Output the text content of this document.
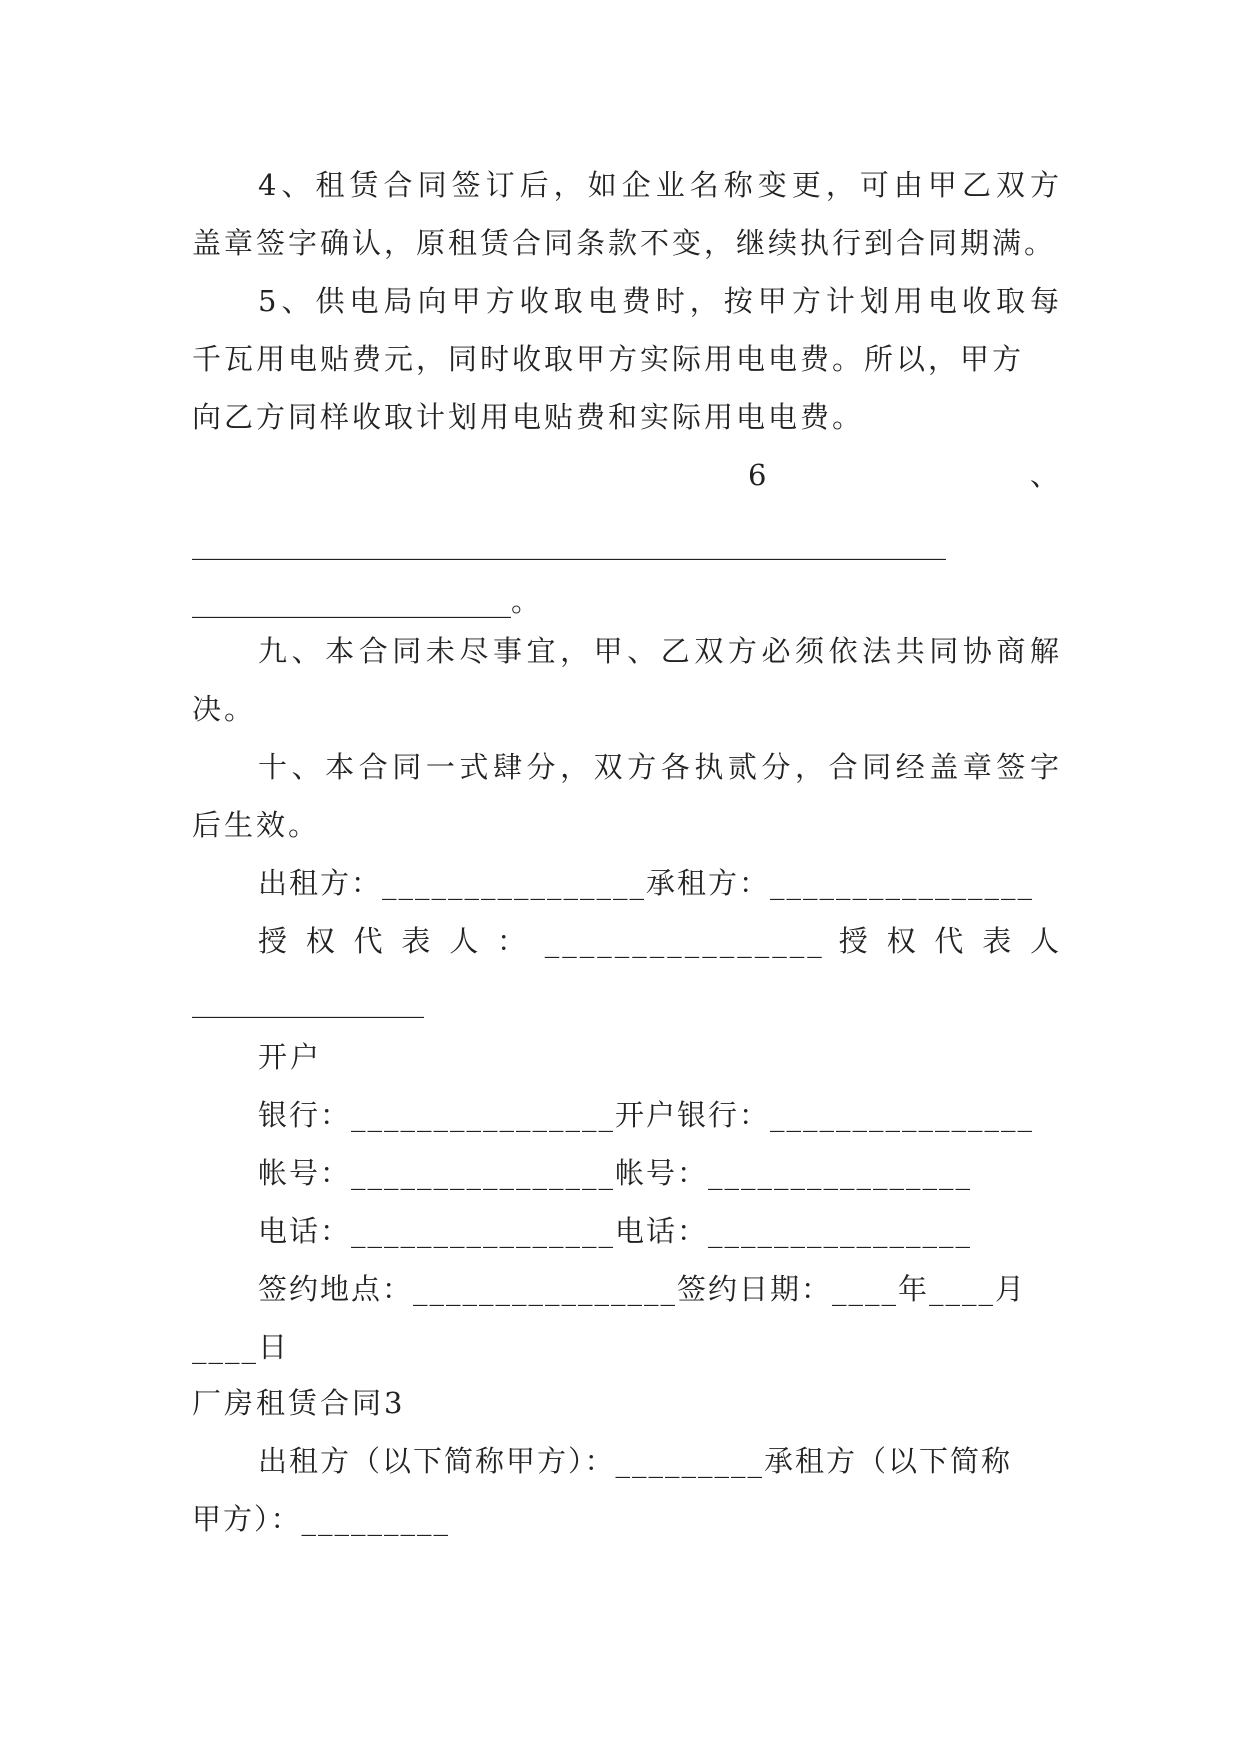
4、租赁合同签订后，如企业名称变更，可由甲乙双方
盖章签字确认，原租赁合同条款不变，继续执行到合同期满。
5、供电局向甲方收取电费时，按甲方计划用电收取每
千瓦用电贴费元，同时收取甲方实际用电电费。所以，甲方
向乙方同样收取计划用电贴费和实际用电电费。
6	、
____________________________________________________
______________________。
九、本合同未尽事宜，甲、乙双方必须依法共同协商解
决。
十、本合同一式肆分，双方各执贰分，合同经盖章签字
后生效。
出租方：________________承租方：________________
授 权 代 表 人 ： ________________ 授 权 代 表 人
________________
开户
银行：________________开户银行：________________
帐号：________________帐号：________________
电话：________________电话：________________
签约地点：________________签约日期：____年____月
____日
厂房租赁合同3
出租方（以下简称甲方）：_________承租方（以下简称
甲方）：_________
